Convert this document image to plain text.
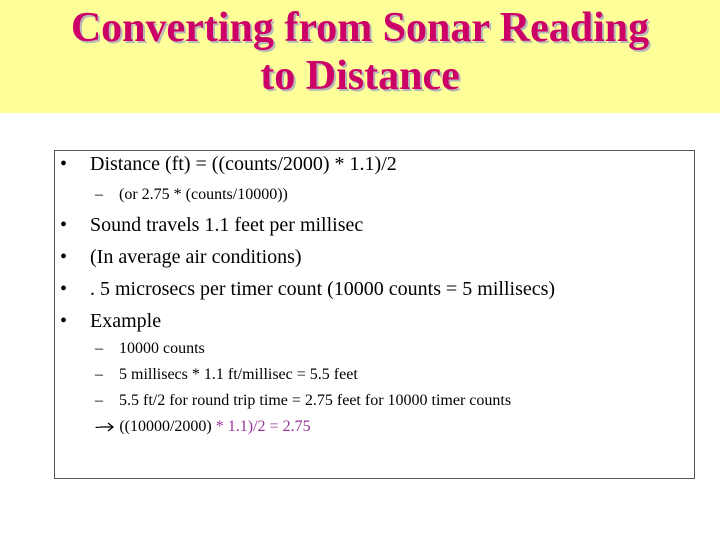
Converting from Sonar Reading
to Distance
• Distance (ft) = ((counts/2000) * 1.1)/2
– (or 2.75 * (counts/10000))
• Sound travels 1.1 feet per millisec
• (In average air conditions)
• . 5 microsecs per timer count (10000 counts = 5 millisecs)
• Example
– 10000 counts
– 5 millisecs * 1.1 ft/millisec = 5.5 feet
– 5.5 ft/2 for round trip time = 2.75 feet for 10000 timer counts
- ((10000/2000) * 1.1)/2 = 2.75
